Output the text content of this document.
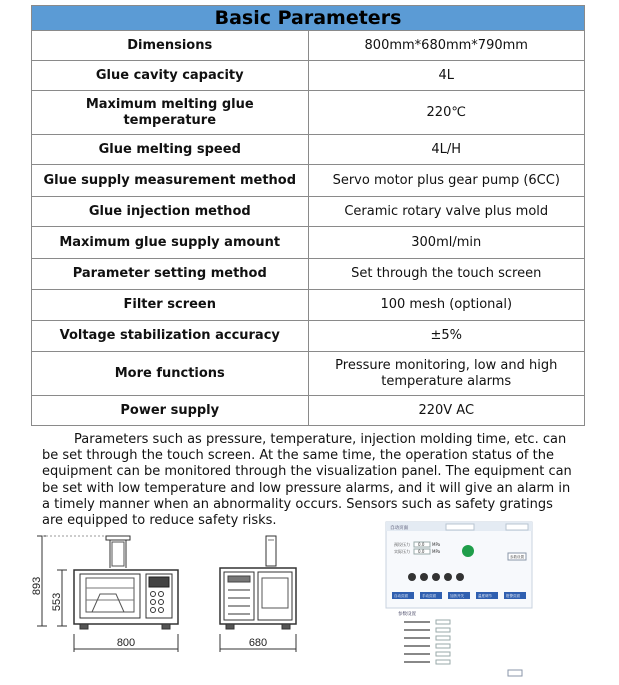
Basic Parameters	
Dimensions	800mm*680mm*790mm
Glue cavity capacity	4L
Maximum melting glue temperature	220℃
Glue melting speed	4L/H
Glue supply measurement method	Servo motor plus gear pump (6CC)
Glue injection method	Ceramic rotary valve plus mold
Maximum glue supply amount	300ml/min
Parameter setting method	Set through the touch screen
Filter screen	100 mesh (optional)
Voltage stabilization accuracy	±5%
More functions	Pressure monitoring, low and high temperature alarms
Power supply	220V AC

Parameters such as pressure, temperature, injection molding time, etc. can be set through the touch screen. At the same time, the operation status of the equipment can be monitored through the visualization panel. The equipment can be set with low temperature and low pressure alarms, and it will give an alarm in a timely manner when an abnormality occurs. Sensors such as safety gratings are equipped to reduce safety risks.

893
553
800	680
自动页面
预设压力 0.0 MPa
实际压力 0.0 MPa
参数设置
自动页面	手动页面	加热开关	温度调节	报警页面
参数设置
